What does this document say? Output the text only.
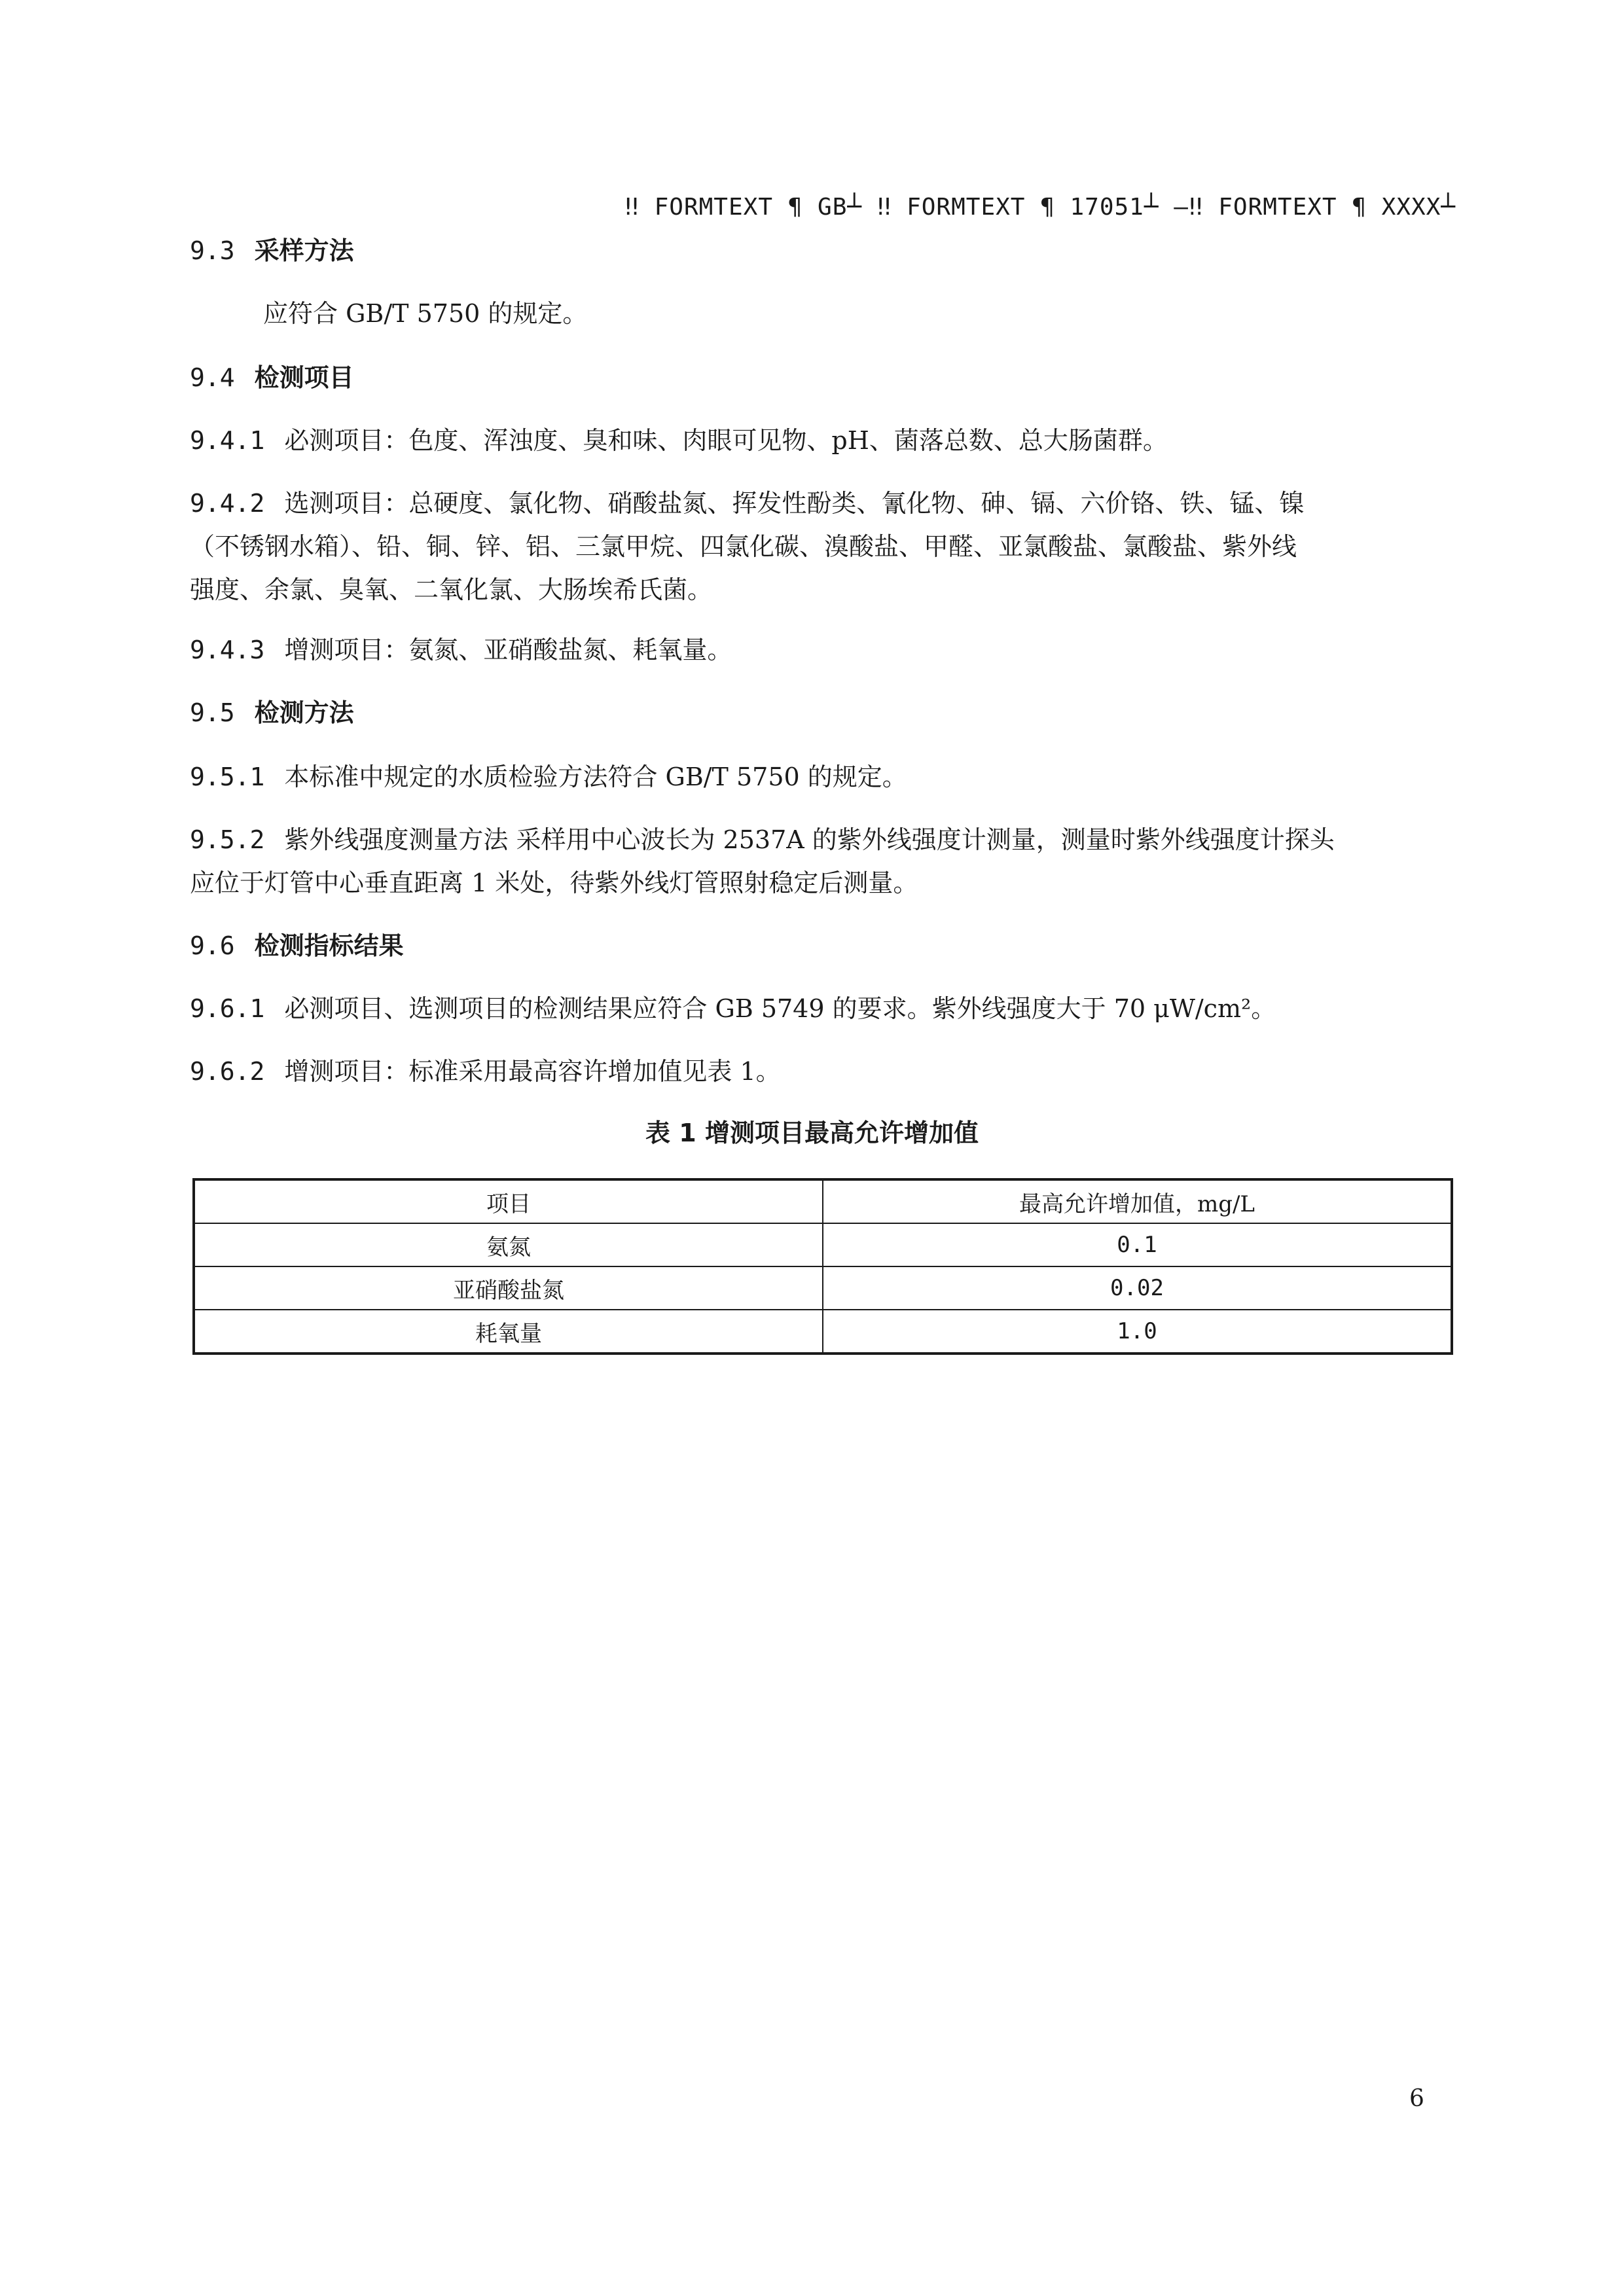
‼ FORMTEXT ¶ GB┴ ‼ FORMTEXT ¶ 17051┴ —‼ FORMTEXT ¶ XXXX┴
9.3 采样方法
应符合 GB/T 5750 的规定。
9.4 检测项目
9.4.1 必测项目：色度、浑浊度、臭和味、肉眼可见物、pH、菌落总数、总大肠菌群。
9.4.2 选测项目：总硬度、氯化物、硝酸盐氮、挥发性酚类、氰化物、砷、镉、六价铬、铁、锰、镍
（不锈钢水箱）、铅、铜、锌、铝、三氯甲烷、四氯化碳、溴酸盐、甲醛、亚氯酸盐、氯酸盐、紫外线
强度、余氯、臭氧、二氧化氯、大肠埃希氏菌。
9.4.3 增测项目：氨氮、亚硝酸盐氮、耗氧量。
9.5 检测方法
9.5.1 本标准中规定的水质检验方法符合 GB/T 5750 的规定。
9.5.2 紫外线强度测量方法 采样用中心波长为 2537A 的紫外线强度计测量，测量时紫外线强度计探头
应位于灯管中心垂直距离 1 米处，待紫外线灯管照射稳定后测量。
9.6 检测指标结果
9.6.1 必测项目、选测项目的检测结果应符合 GB 5749 的要求。紫外线强度大于 70 μW/cm²。
9.6.2 增测项目：标准采用最高容许增加值见表 1。
表 1 增测项目最高允许增加值
项目	最高允许增加值，mg/L
氨氮	0.1
亚硝酸盐氮	0.02
耗氧量	1.0
6
